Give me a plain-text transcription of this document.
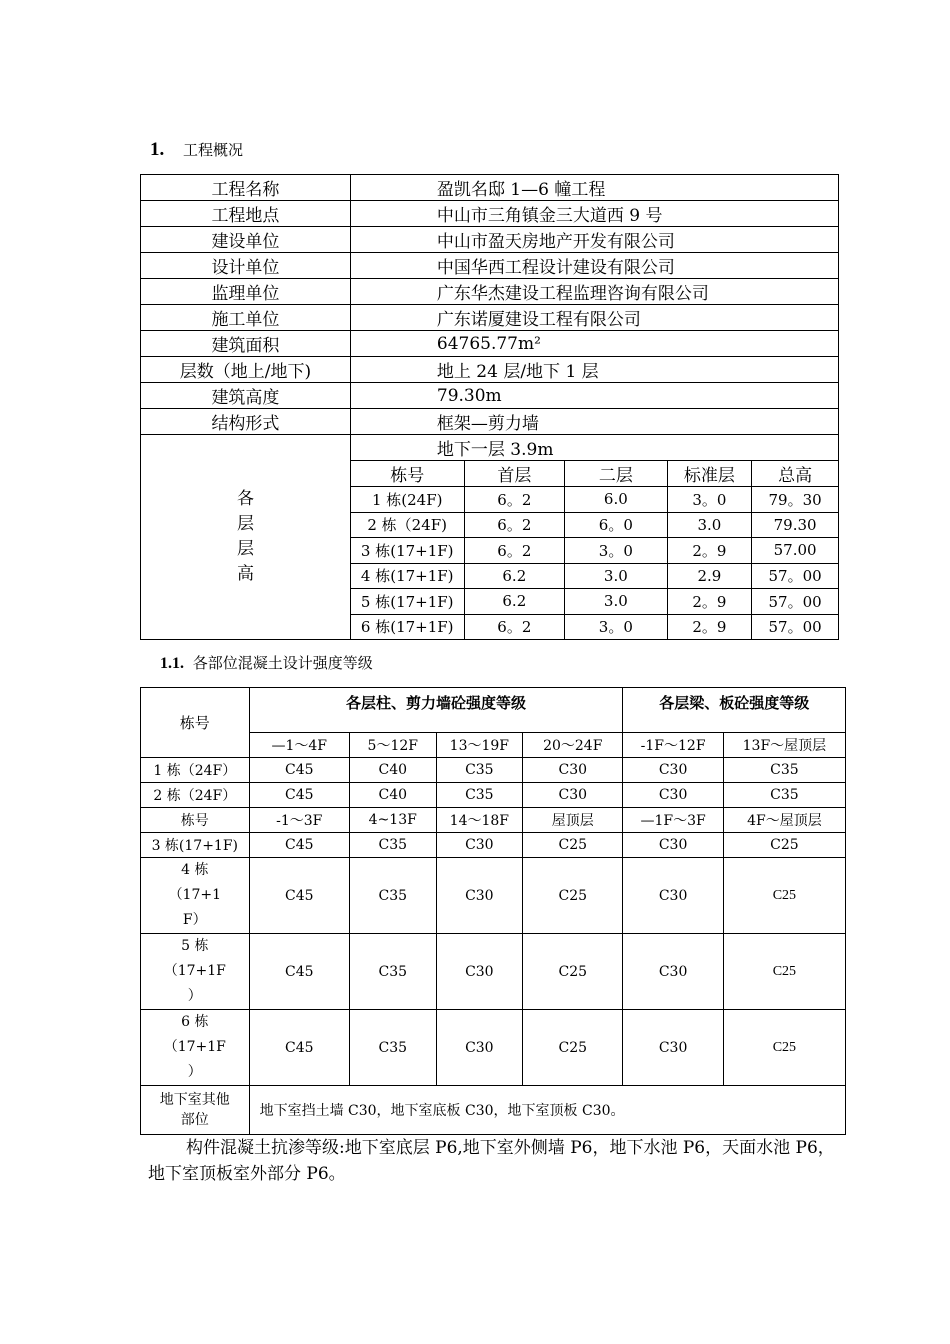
1. 工程概况
工程名称	盈凯名邸 1—6 幢工程				
工程地点	中山市三角镇金三大道西 9 号				
建设单位	中山市盈天房地产开发有限公司				
设计单位	中国华西工程设计建设有限公司				
监理单位	广东华杰建设工程监理咨询有限公司				
施工单位	广东诺厦建设工程有限公司				
建筑面积	64765.77m²				
层数（地上/地下)	地上 24 层/地下 1 层				
建筑高度	79.30m				
结构形式	框架—剪力墙				

各
层
层
高	地下一层 3.9m				
	栋号	首层	二层	标准层	总高
	1 栋(24F)	6。2	6.0	3。0	79。30
	2 栋（24F)	6。2	6。0	3.0	79.30
	3 栋(17+1F)	6。2	3。0	2。9	57.00
	4 栋(17+1F)	6.2	3.0	2.9	57。00
	5 栋(17+1F)	6.2	3.0	2。9	57。00
	6 栋(17+1F)	6。2	3。0	2。9	57。00
1.1. 各部位混凝土设计强度等级
栋号	各层柱、剪力墙砼强度等级				各层梁、板砼强度等级	
	—1～4F	5～12F	13～19F	20～24F	-1F～12F	13F～屋顶层
1 栋（24F）	C45	C40	C35	C30	C30	C35
2 栋（24F）	C45	C40	C35	C30	C30	C35
栋号	-1～3F	4~13F	14～18F	屋顶层	—1F～3F	4F～屋顶层
3 栋(17+1F)	C45	C35	C30	C25	C30	C25

4 栋
（17+1
F）	C45	C35	C30	C25	C30	C25

5 栋
（17+1F
）	C45	C35	C30	C25	C30	C25

6 栋
（17+1F
）	C45	C35	C30	C25	C30	C25

地下室其他
部位	地下室挡土墙 C30，地下室底板 C30，地下室顶板 C30。					
构件混凝土抗渗等级:地下室底层 P6,地下室外侧墙 P6，地下水池 P6，天面水池 P6，地下室顶板室外部分 P6。
